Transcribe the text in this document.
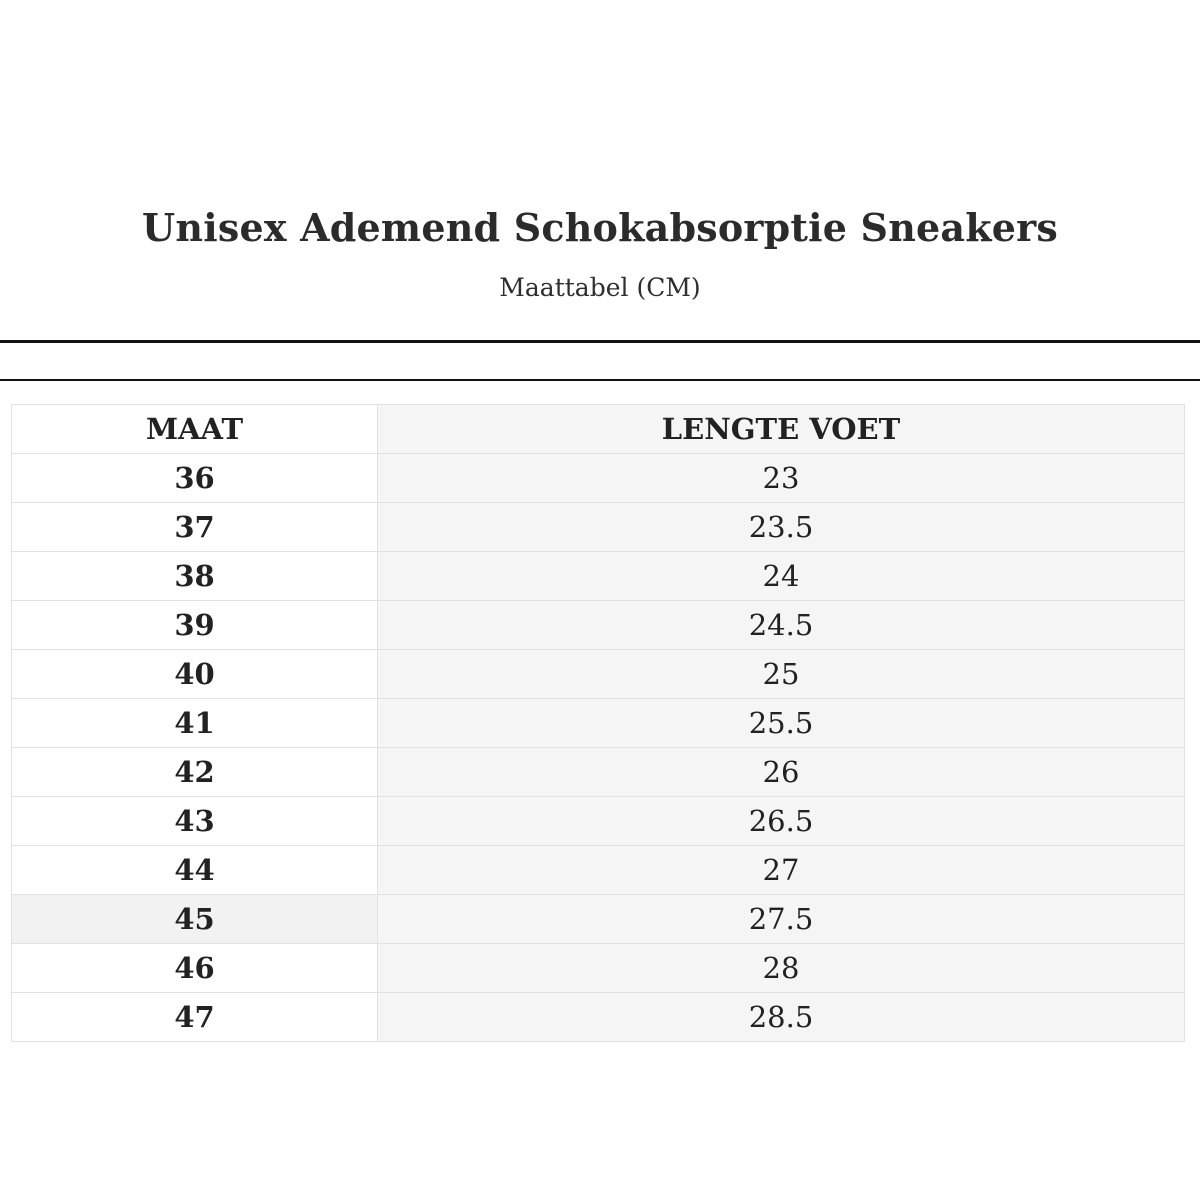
Unisex Ademend Schokabsorptie Sneakers
Maattabel (CM)
MAAT	LENGTE VOET
36	23
37	23.5
38	24
39	24.5
40	25
41	25.5
42	26
43	26.5
44	27
45	27.5
46	28
47	28.5
